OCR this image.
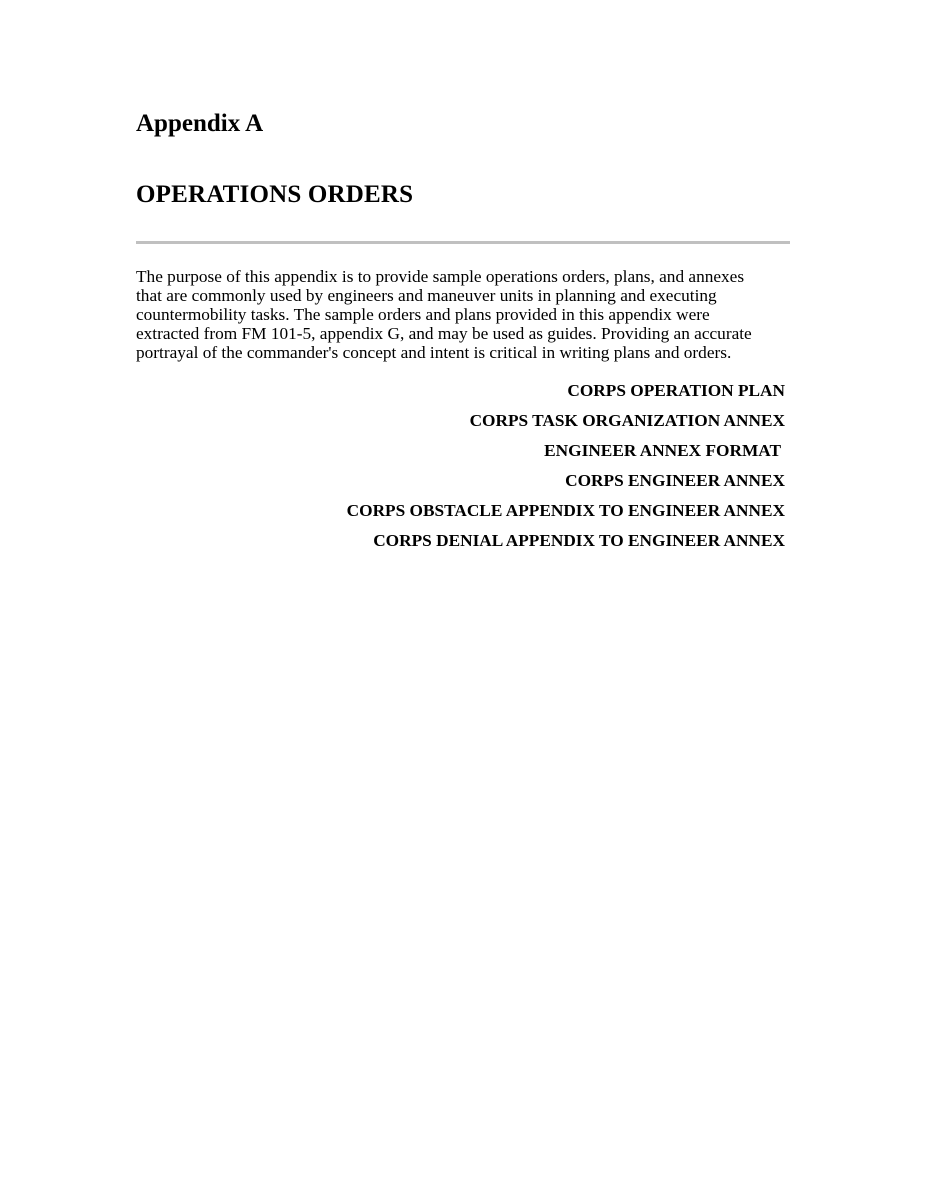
Appendix A
OPERATIONS ORDERS
The purpose of this appendix is to provide sample operations orders, plans, and annexes
that are commonly used by engineers and maneuver units in planning and executing
countermobility tasks. The sample orders and plans provided in this appendix were
extracted from FM 101-5, appendix G, and may be used as guides. Providing an accurate
portrayal of the commander's concept and intent is critical in writing plans and orders.
CORPS OPERATION PLAN
CORPS TASK ORGANIZATION ANNEX
ENGINEER ANNEX FORMAT
CORPS ENGINEER ANNEX
CORPS OBSTACLE APPENDIX TO ENGINEER ANNEX
CORPS DENIAL APPENDIX TO ENGINEER ANNEX
